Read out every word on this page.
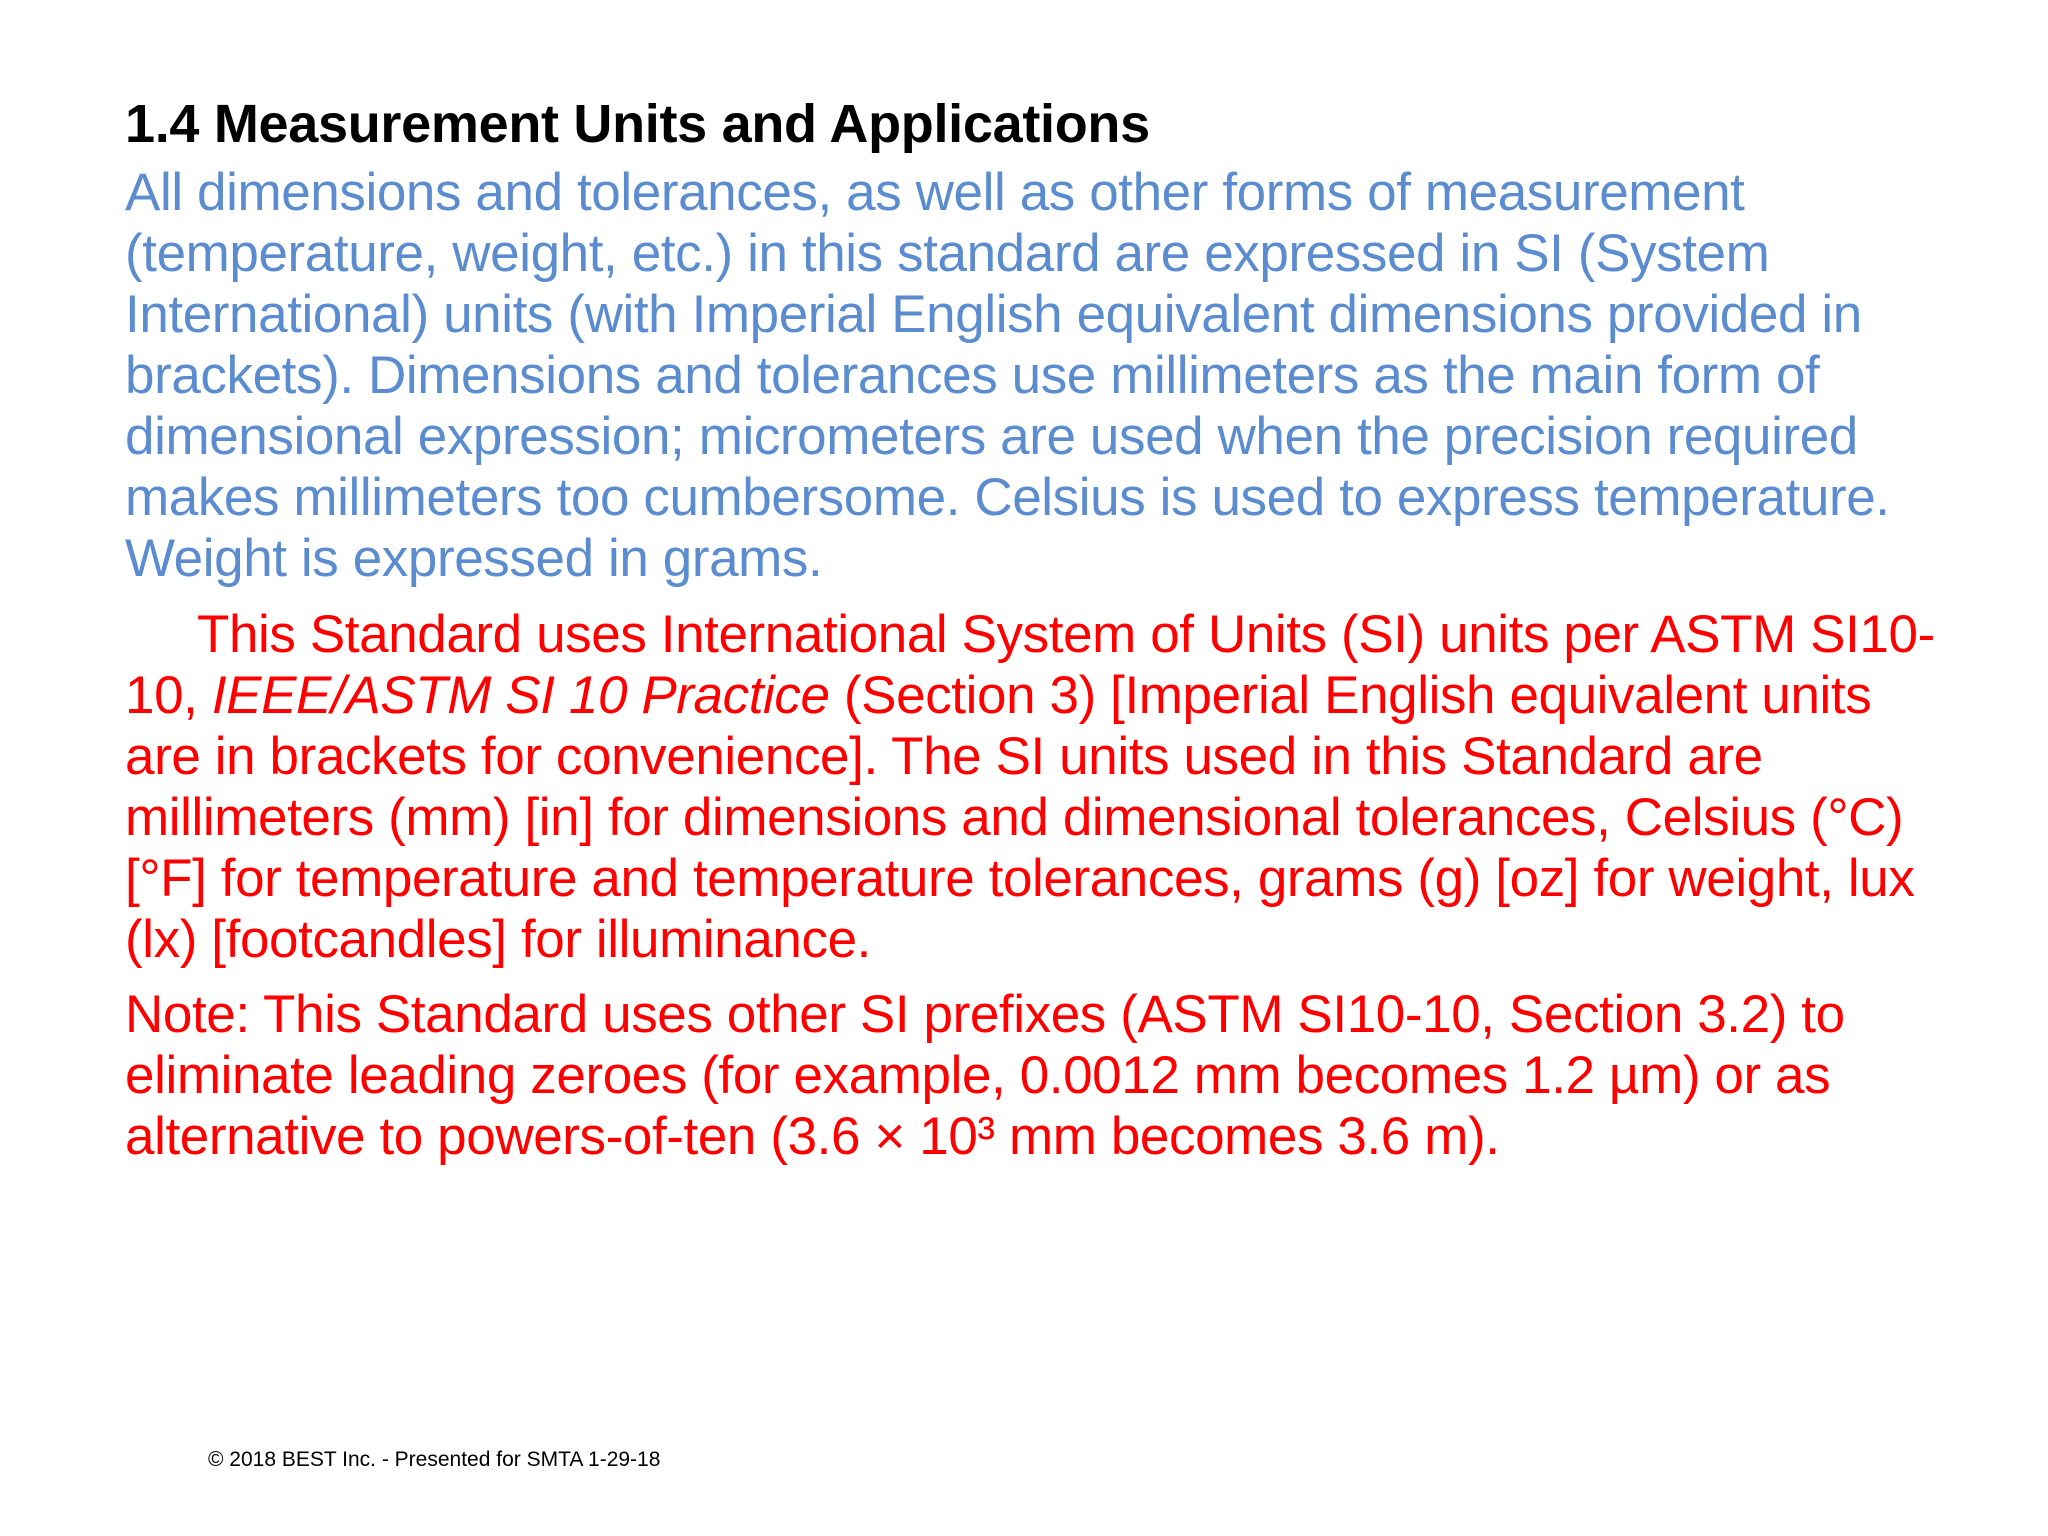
1.4 Measurement Units and Applications

All dimensions and tolerances, as well as other forms of measurement (temperature, weight, etc.) in this standard are expressed in SI (System International) units (with Imperial English equivalent dimensions provided in brackets). Dimensions and tolerances use millimeters as the main form of dimensional expression; micrometers are used when the precision required makes millimeters too cumbersome. Celsius is used to express temperature. Weight is expressed in grams.

This Standard uses International System of Units (SI) units per ASTM SI10-10, IEEE/ASTM SI 10 Practice (Section 3) [Imperial English equivalent units are in brackets for convenience]. The SI units used in this Standard are millimeters (mm) [in] for dimensions and dimensional tolerances, Celsius (°C) [°F] for temperature and temperature tolerances, grams (g) [oz] for weight, lux (lx) [footcandles] for illuminance.

Note: This Standard uses other SI prefixes (ASTM SI10-10, Section 3.2) to eliminate leading zeroes (for example, 0.0012 mm becomes 1.2 µm) or as alternative to powers-of-ten (3.6 × 10³ mm becomes 3.6 m).

© 2018 BEST Inc. - Presented for SMTA 1-29-18
